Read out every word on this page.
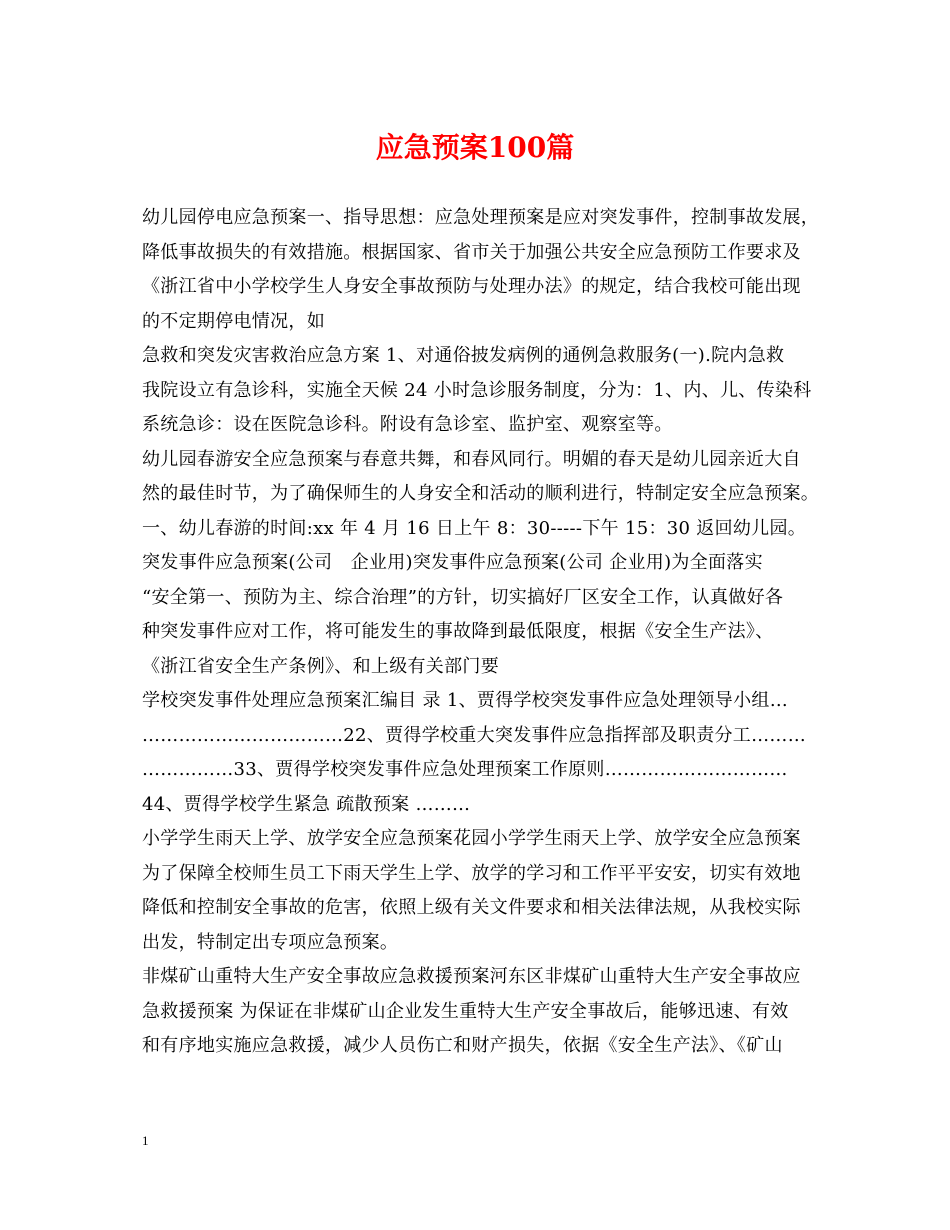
应急预案100篇
幼儿园停电应急预案一、指导思想：应急处理预案是应对突发事件，控制事故发展，
降低事故损失的有效措施。根据国家、省市关于加强公共安全应急预防工作要求及
《浙江省中小学校学生人身安全事故预防与处理办法》的规定，结合我校可能出现
的不定期停电情况，如
急救和突发灾害救治应急方案 1、对通俗披发病例的通例急救服务(一).院内急救
我院设立有急诊科，实施全天候 24 小时急诊服务制度，分为：1、内、儿、传染科
系统急诊：设在医院急诊科。附设有急诊室、监护室、观察室等。
幼儿园春游安全应急预案与春意共舞，和春风同行。明媚的春天是幼儿园亲近大自
然的最佳时节，为了确保师生的人身安全和活动的顺利进行，特制定安全应急预案。
一、幼儿春游的时间:xx 年 4 月 16 日上午 8：30-----下午 15：30 返回幼儿园。
突发事件应急预案(公司　企业用)突发事件应急预案(公司 企业用)为全面落实
“安全第一、预防为主、综合治理”的方针，切实搞好厂区安全工作，认真做好各
种突发事件应对工作，将可能发生的事故降到最低限度，根据《安全生产法》、
《浙江省安全生产条例》、和上级有关部门要
学校突发事件处理应急预案汇编目 录 1、贾得学校突发事件应急处理领导小组…
……………………………22、贾得学校重大突发事件应急指挥部及职责分工………
……………33、贾得学校突发事件应急处理预案工作原则…………………………
44、贾得学校学生紧急 疏散预案 ………
小学学生雨天上学、放学安全应急预案花园小学学生雨天上学、放学安全应急预案
为了保障全校师生员工下雨天学生上学、放学的学习和工作平平安安，切实有效地
降低和控制安全事故的危害，依照上级有关文件要求和相关法律法规，从我校实际
出发，特制定出专项应急预案。
非煤矿山重特大生产安全事故应急救援预案河东区非煤矿山重特大生产安全事故应
急救援预案 为保证在非煤矿山企业发生重特大生产安全事故后，能够迅速、有效
和有序地实施应急救援，减少人员伤亡和财产损失，依据《安全生产法》、《矿山
1
